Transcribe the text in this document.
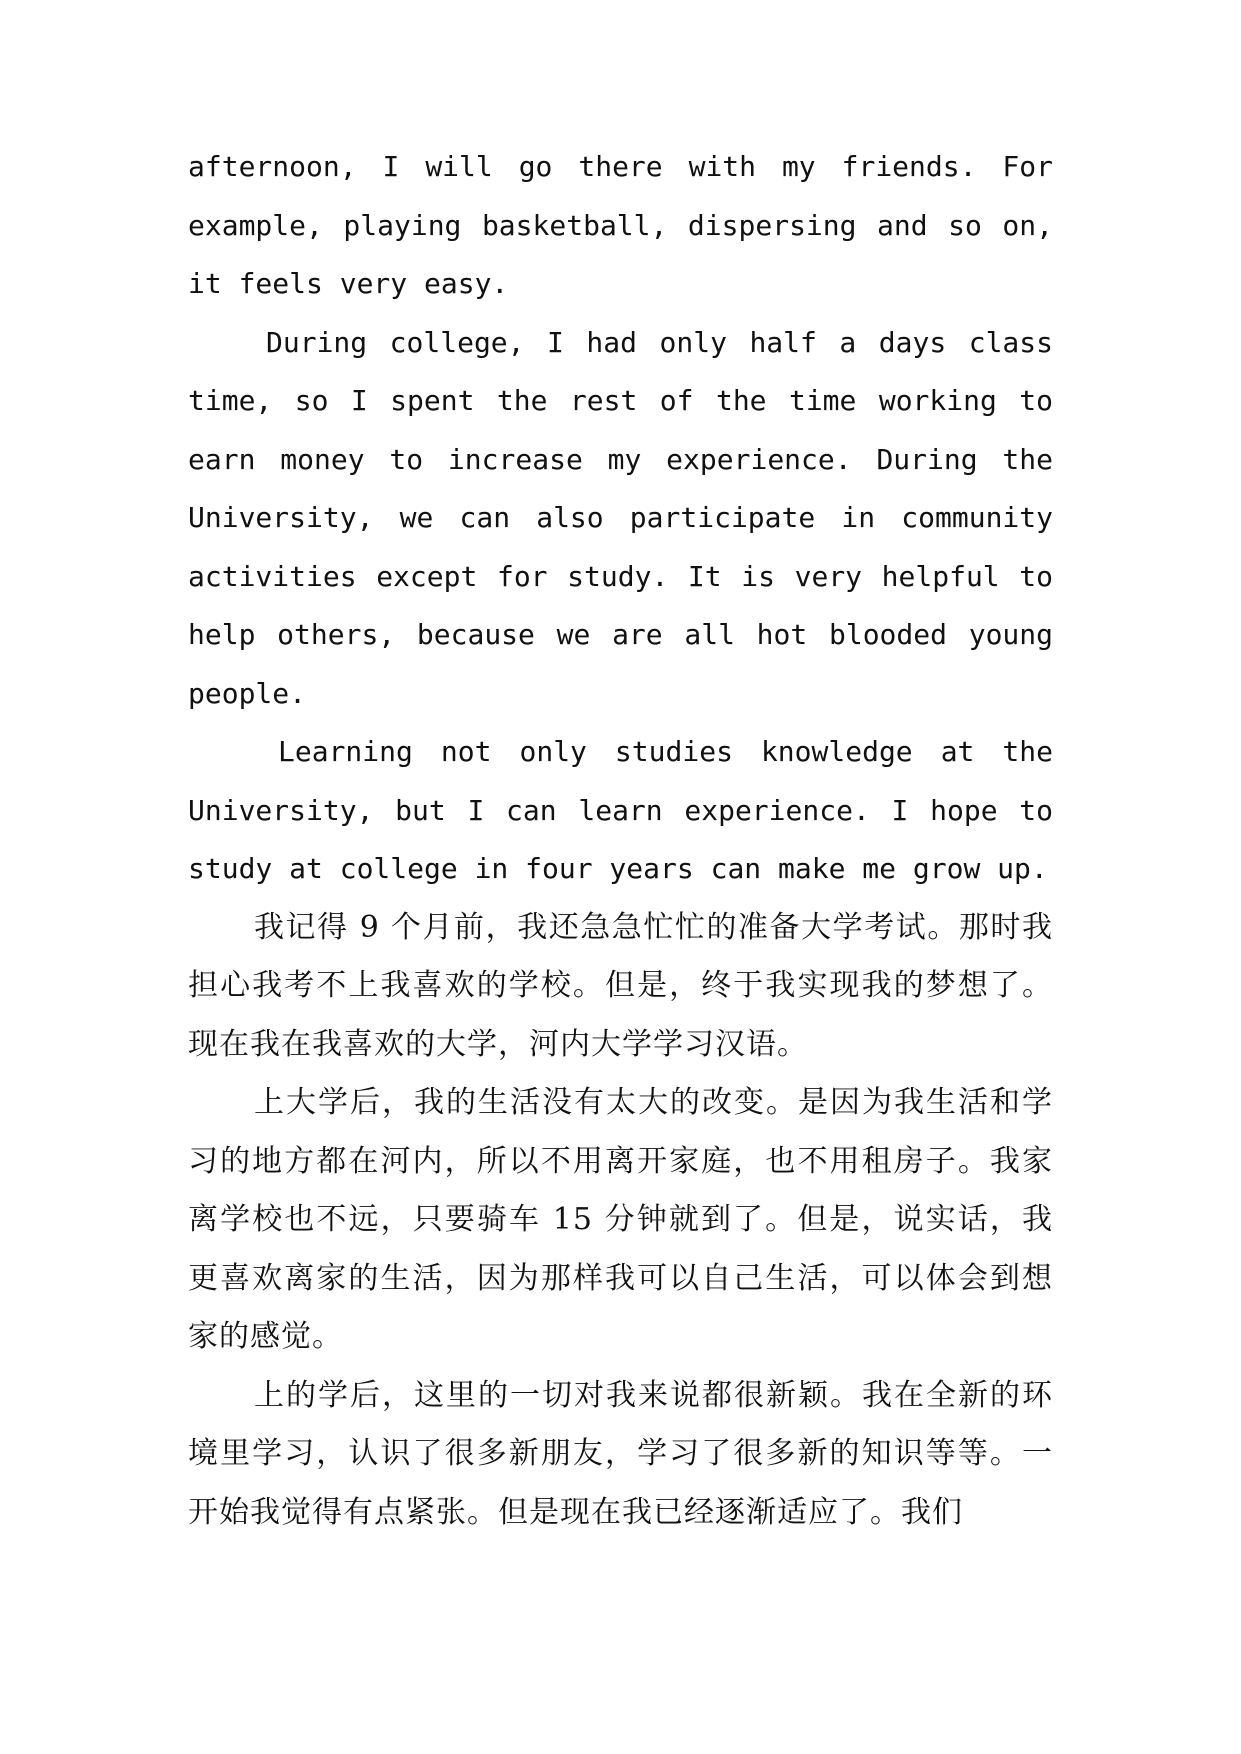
afternoon, I will go there with my friends. For example, playing basketball, dispersing and so on, it feels very easy.

During college, I had only half a days class time, so I spent the rest of the time working to earn money to increase my experience. During the University, we can also participate in community activities except for study. It is very helpful to help others, because we are all hot blooded young people.

Learning not only studies knowledge at the University, but I can learn experience. I hope to study at college in four years can make me grow up.

我记得 9 个月前，我还急急忙忙的准备大学考试。那时我担心我考不上我喜欢的学校。但是，终于我实现我的梦想了。现在我在我喜欢的大学，河内大学学习汉语。

上大学后，我的生活没有太大的改变。是因为我生活和学习的地方都在河内，所以不用离开家庭，也不用租房子。我家离学校也不远，只要骑车 15 分钟就到了。但是，说实话，我更喜欢离家的生活，因为那样我可以自己生活，可以体会到想家的感觉。

上的学后，这里的一切对我来说都很新颖。我在全新的环境里学习，认识了很多新朋友，学习了很多新的知识等等。一开始我觉得有点紧张。但是现在我已经逐渐适应了。我们
